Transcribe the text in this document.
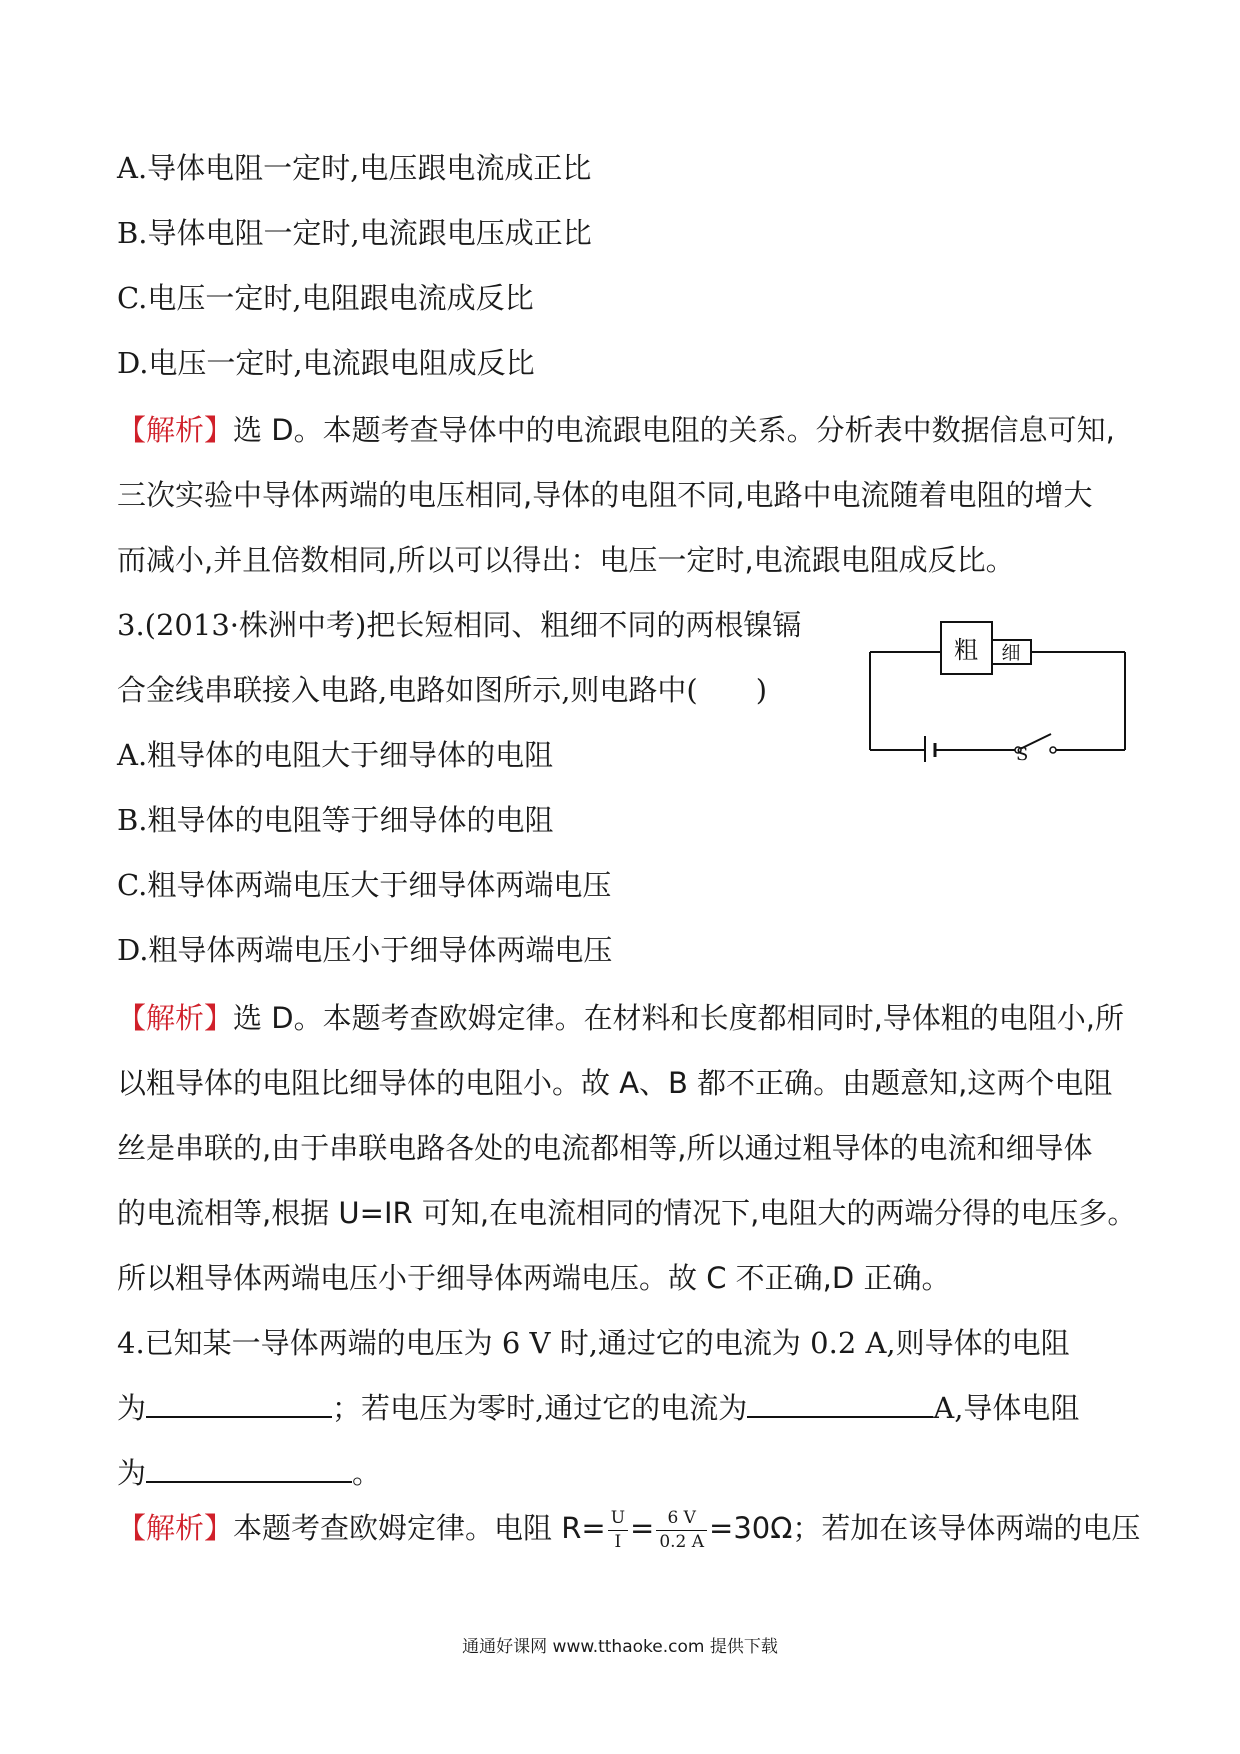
A.导体电阻一定时,电压跟电流成正比
B.导体电阻一定时,电流跟电压成正比
C.电压一定时,电阻跟电流成反比
D.电压一定时,电流跟电阻成反比
【解析】选 D。本题考查导体中的电流跟电阻的关系。分析表中数据信息可知,
三次实验中导体两端的电压相同,导体的电阻不同,电路中电流随着电阻的增大
而减小,并且倍数相同,所以可以得出：电压一定时,电流跟电阻成反比。
3.(2013·株洲中考)把长短相同、粗细不同的两根镍镉
合金线串联接入电路,电路如图所示,则电路中(　　)
粗 细
S
A.粗导体的电阻大于细导体的电阻
B.粗导体的电阻等于细导体的电阻
C.粗导体两端电压大于细导体两端电压
D.粗导体两端电压小于细导体两端电压
【解析】选 D。本题考查欧姆定律。在材料和长度都相同时,导体粗的电阻小,所
以粗导体的电阻比细导体的电阻小。故 A、B 都不正确。由题意知,这两个电阻
丝是串联的,由于串联电路各处的电流都相等,所以通过粗导体的电流和细导体
的电流相等,根据 U=IR 可知,在电流相同的情况下,电阻大的两端分得的电压多。
所以粗导体两端电压小于细导体两端电压。故 C 不正确,D 正确。
4.已知某一导体两端的电压为 6 V 时,通过它的电流为 0.2 A,则导体的电阻
为	；若电压为零时,通过它的电流为	A,导体电阻
为	。
【解析】本题考查欧姆定律。电阻 $R= \frac{U}{I} = \frac{6 V}{0.2 A} =30\Omega$；若加在该导体两端的电压
通通好课网 www.tthaoke.com 提供下载
